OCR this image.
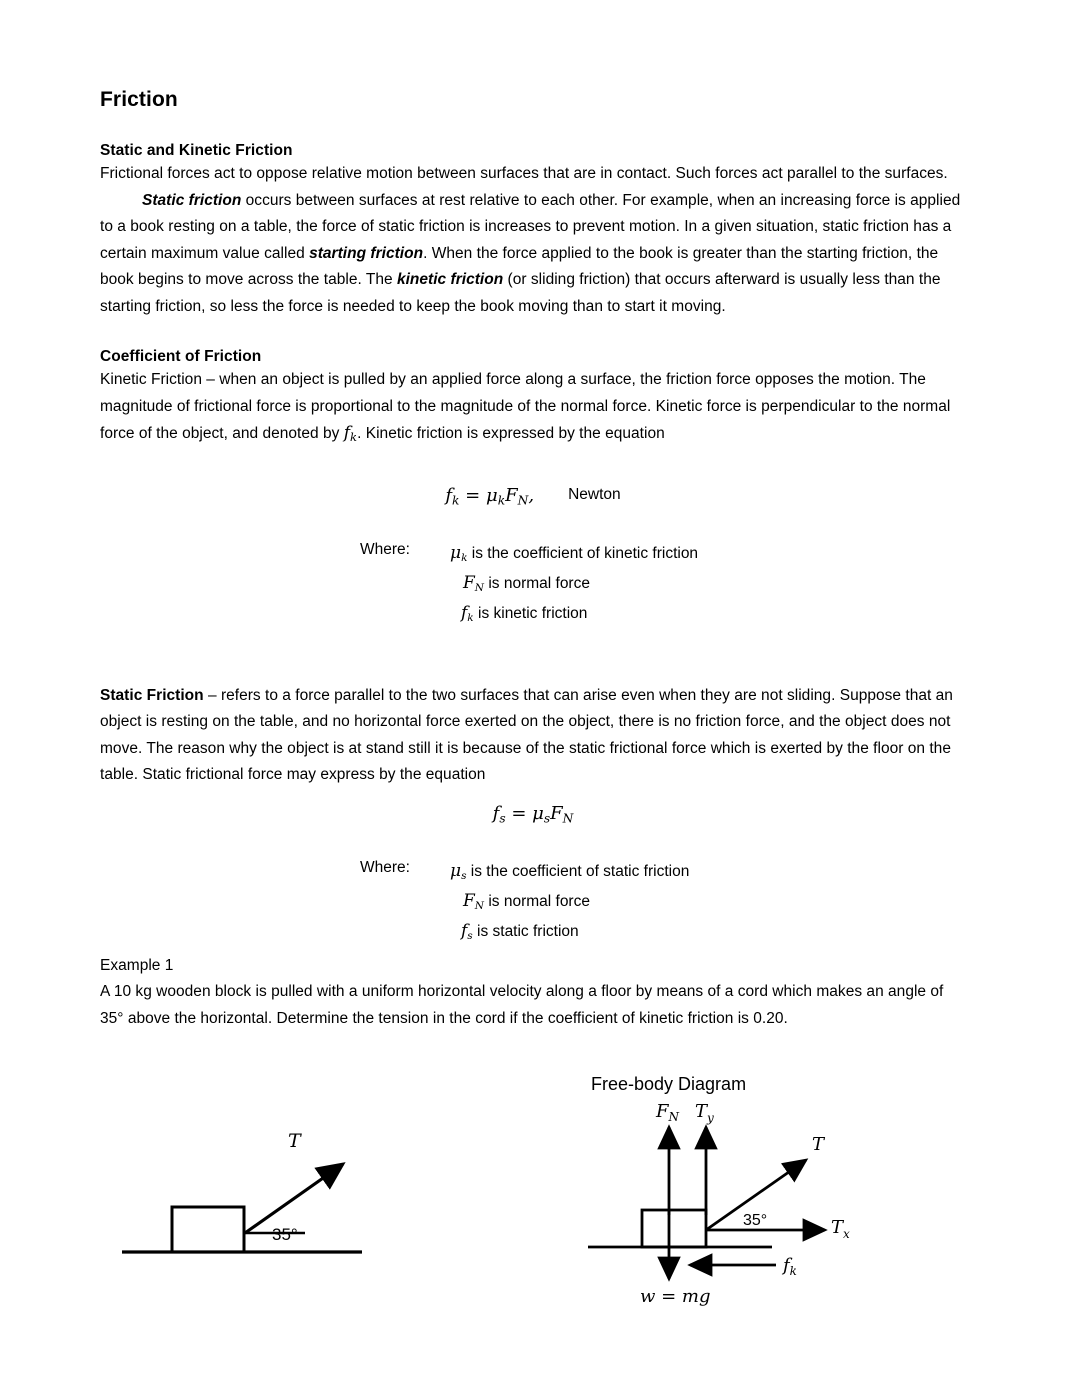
Friction
Static and Kinetic Friction

Frictional forces act to oppose relative motion between surfaces that are in contact. Such forces act parallel to the surfaces.

Static friction occurs between surfaces at rest relative to each other. For example, when an increasing force is applied to a book resting on a table, the force of static friction is increases to prevent motion. In a given situation, static friction has a certain maximum value called starting friction. When the force applied to the book is greater than the starting friction, the book begins to move across the table. The kinetic friction (or sliding friction) that occurs afterward is usually less than the starting friction, so less the force is needed to keep the book moving than to start it moving.

Coefficient of Friction

Kinetic Friction – when an object is pulled by an applied force along a surface, the friction force opposes the motion. The magnitude of frictional force is proportional to the magnitude of the normal force. Kinetic force is perpendicular to the normal force of the object, and denoted by $f_k$. Kinetic friction is expressed by the equation

$f_k = \mu_kF_N$, Newton
Where: $\mu_k$ is the coefficient of kinetic friction
$F_N$ is normal force
$f_k$ is kinetic friction

Static Friction – refers to a force parallel to the two surfaces that can arise even when they are not sliding. Suppose that an object is resting on the table, and no horizontal force exerted on the object, there is no friction force, and the object does not move. The reason why the object is at stand still it is because of the static frictional force which is exerted by the floor on the table. Static frictional force may express by the equation

$f_s = \mu_sF_N$
Where: $\mu_s$ is the coefficient of static friction
$F_N$ is normal force
$f_s$ is static friction

Example 1

A 10 kg wooden block is pulled with a uniform horizontal velocity along a floor by means of a cord which makes an angle of 35° above the horizontal. Determine the tension in the cord if the coefficient of kinetic friction is 0.20.

T
35°
Free-body Diagram
$F_N$ $T_y$
w = mg
$T_x$
T
35°
$f_k$
